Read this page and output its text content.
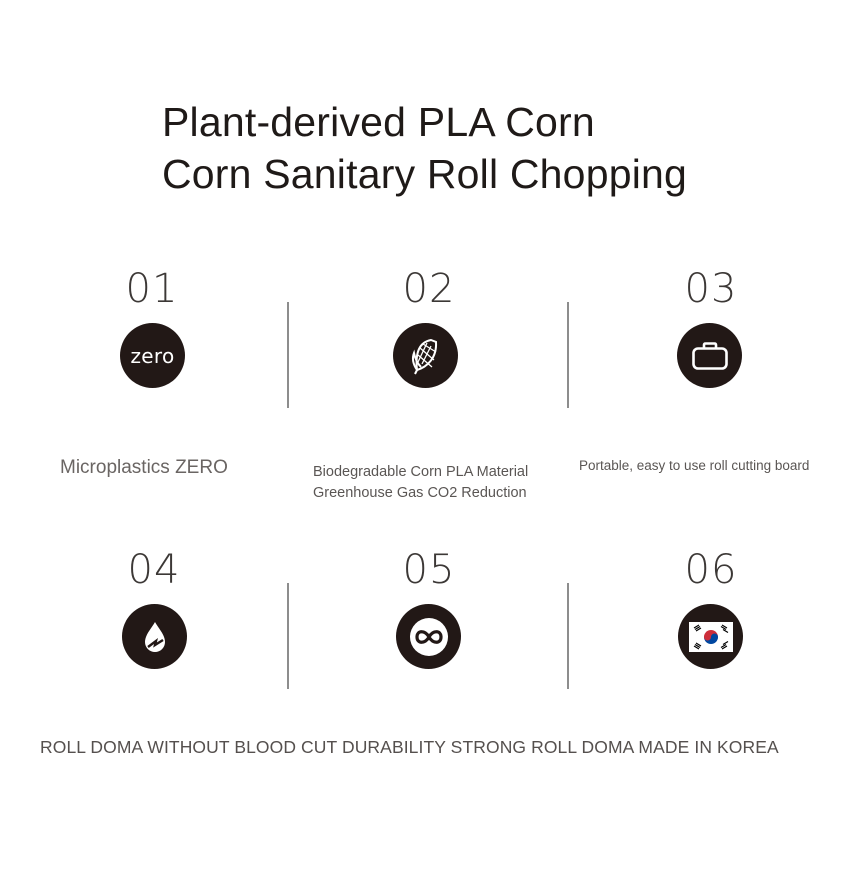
Plant-derived PLA Corn
Corn Sanitary Roll Chopping
01
zero
02	03
Microplastics ZERO	Biodegradable Corn PLA Material
Greenhouse Gas CO2 Reduction
Portable, easy to use roll cutting board
04	05	06
ROLL DOMA WITHOUT BLOOD CUT DURABILITY STRONG ROLL DOMA MADE IN KOREA
